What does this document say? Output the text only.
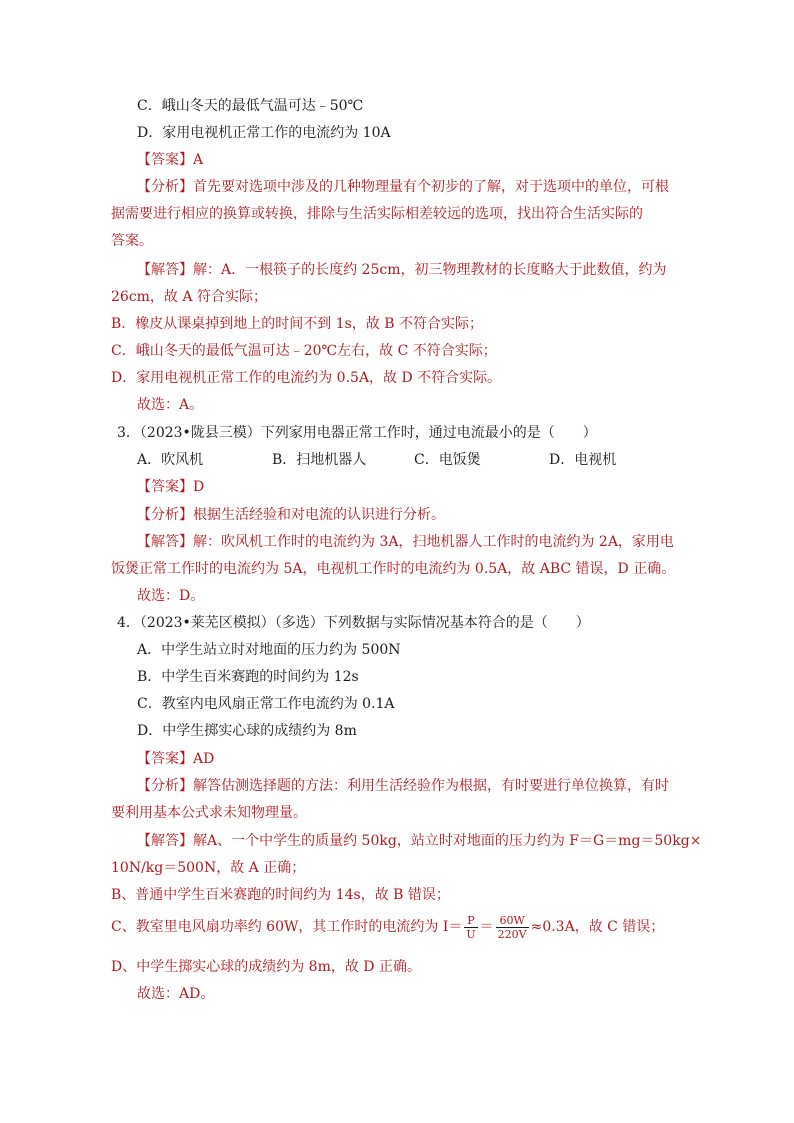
C．峨山冬天的最低气温可达﹣50℃
D．家用电视机正常工作的电流约为 10A
【答案】A
【分析】首先要对选项中涉及的几种物理量有个初步的了解，对于选项中的单位，可根
据需要进行相应的换算或转换，排除与生活实际相差较远的选项，找出符合生活实际的
答案。
【解答】解：A．一根筷子的长度约 25cm，初三物理教材的长度略大于此数值，约为
26cm，故 A 符合实际；
B．橡皮从课桌掉到地上的时间不到 1s，故 B 不符合实际；
C．峨山冬天的最低气温可达﹣20℃左右，故 C 不符合实际；
D．家用电视机正常工作的电流约为 0.5A，故 D 不符合实际。
故选：A。
3．（2023•陇县三模）下列家用电器正常工作时，通过电流最小的是（　　）
A．吹风机	B．扫地机器人	C．电饭煲	D．电视机
【答案】D
【分析】根据生活经验和对电流的认识进行分析。
【解答】解：吹风机工作时的电流约为 3A，扫地机器人工作时的电流约为 2A，家用电
饭煲正常工作时的电流约为 5A，电视机工作时的电流约为 0.5A，故 ABC 错误，D 正确。
故选：D。
4．（2023•莱芜区模拟）（多选）下列数据与实际情况基本符合的是（　　）
A．中学生站立时对地面的压力约为 500N
B．中学生百米赛跑的时间约为 12s
C．教室内电风扇正常工作电流约为 0.1A
D．中学生掷实心球的成绩约为 8m
【答案】AD
【分析】解答估测选择题的方法：利用生活经验作为根据，有时要进行单位换算，有时
要利用基本公式求未知物理量。
【解答】解A、一个中学生的质量约 50kg，站立时对地面的压力约为 F＝G＝mg＝50kg×
10N/kg＝500N，故 A 正确；
B、普通中学生百米赛跑的时间约为 14s，故 B 错误；
C、教室里电风扇功率约 60W，其工作时的电流约为 $I= \frac{P}{U} = \frac{60W}{220V} \approx 0.3A$，故 C 错误；
D、中学生掷实心球的成绩约为 8m，故 D 正确。
故选：AD。
